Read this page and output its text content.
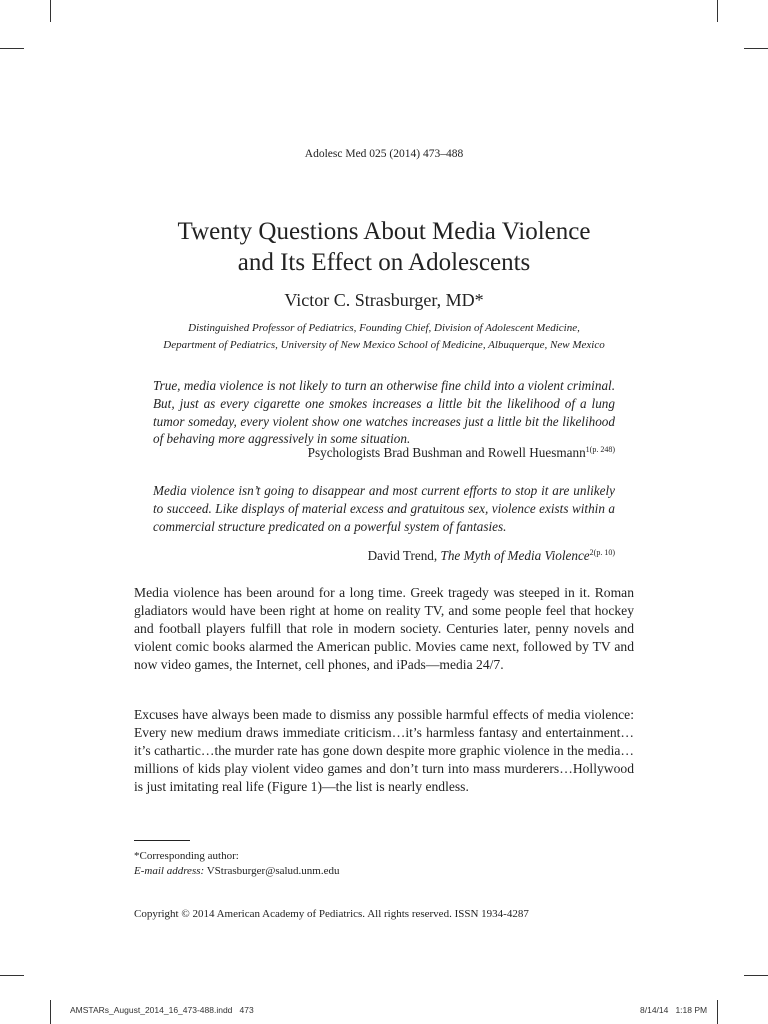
Adolesc Med 025 (2014) 473–488
Twenty Questions About Media Violence
and Its Effect on Adolescents
Victor C. Strasburger, MD*
Distinguished Professor of Pediatrics, Founding Chief, Division of Adolescent Medicine,
Department of Pediatrics, University of New Mexico School of Medicine, Albuquerque, New Mexico
True, media violence is not likely to turn an otherwise fine child into a violent criminal. But, just as every cigarette one smokes increases a little bit the likelihood of a lung tumor someday, every violent show one watches increases just a little bit the likelihood of behaving more aggressively in some situation.
Psychologists Brad Bushman and Rowell Huesmann$^{1(p. 248)}$
Media violence isn’t going to disappear and most current efforts to stop it are unlikely to succeed. Like displays of material excess and gratuitous sex, violence exists within a commercial structure predicated on a powerful system of fantasies.
David Trend, The Myth of Media Violence$^{2(p. 10)}$
Media violence has been around for a long time. Greek tragedy was steeped in it. Roman gladiators would have been right at home on reality TV, and some people feel that hockey and football players fulfill that role in modern society. Centuries later, penny novels and violent comic books alarmed the American public. Movies came next, followed by TV and now video games, the Internet, cell phones, and iPads—media 24/7.
Excuses have always been made to dismiss any possible harmful effects of media violence: Every new medium draws immediate criticism…it’s harmless fantasy and entertainment…it’s cathartic…the murder rate has gone down despite more graphic violence in the media…millions of kids play violent video games and don’t turn into mass murderers…Hollywood is just imitating real life (Figure 1)—the list is nearly endless.
*Corresponding author:
E-mail address: VStrasburger@salud.unm.edu
Copyright © 2014 American Academy of Pediatrics. All rights reserved. ISSN 1934-4287
AMSTARs_August_2014_16_473-488.indd   473	8/14/14   1:18 PM
